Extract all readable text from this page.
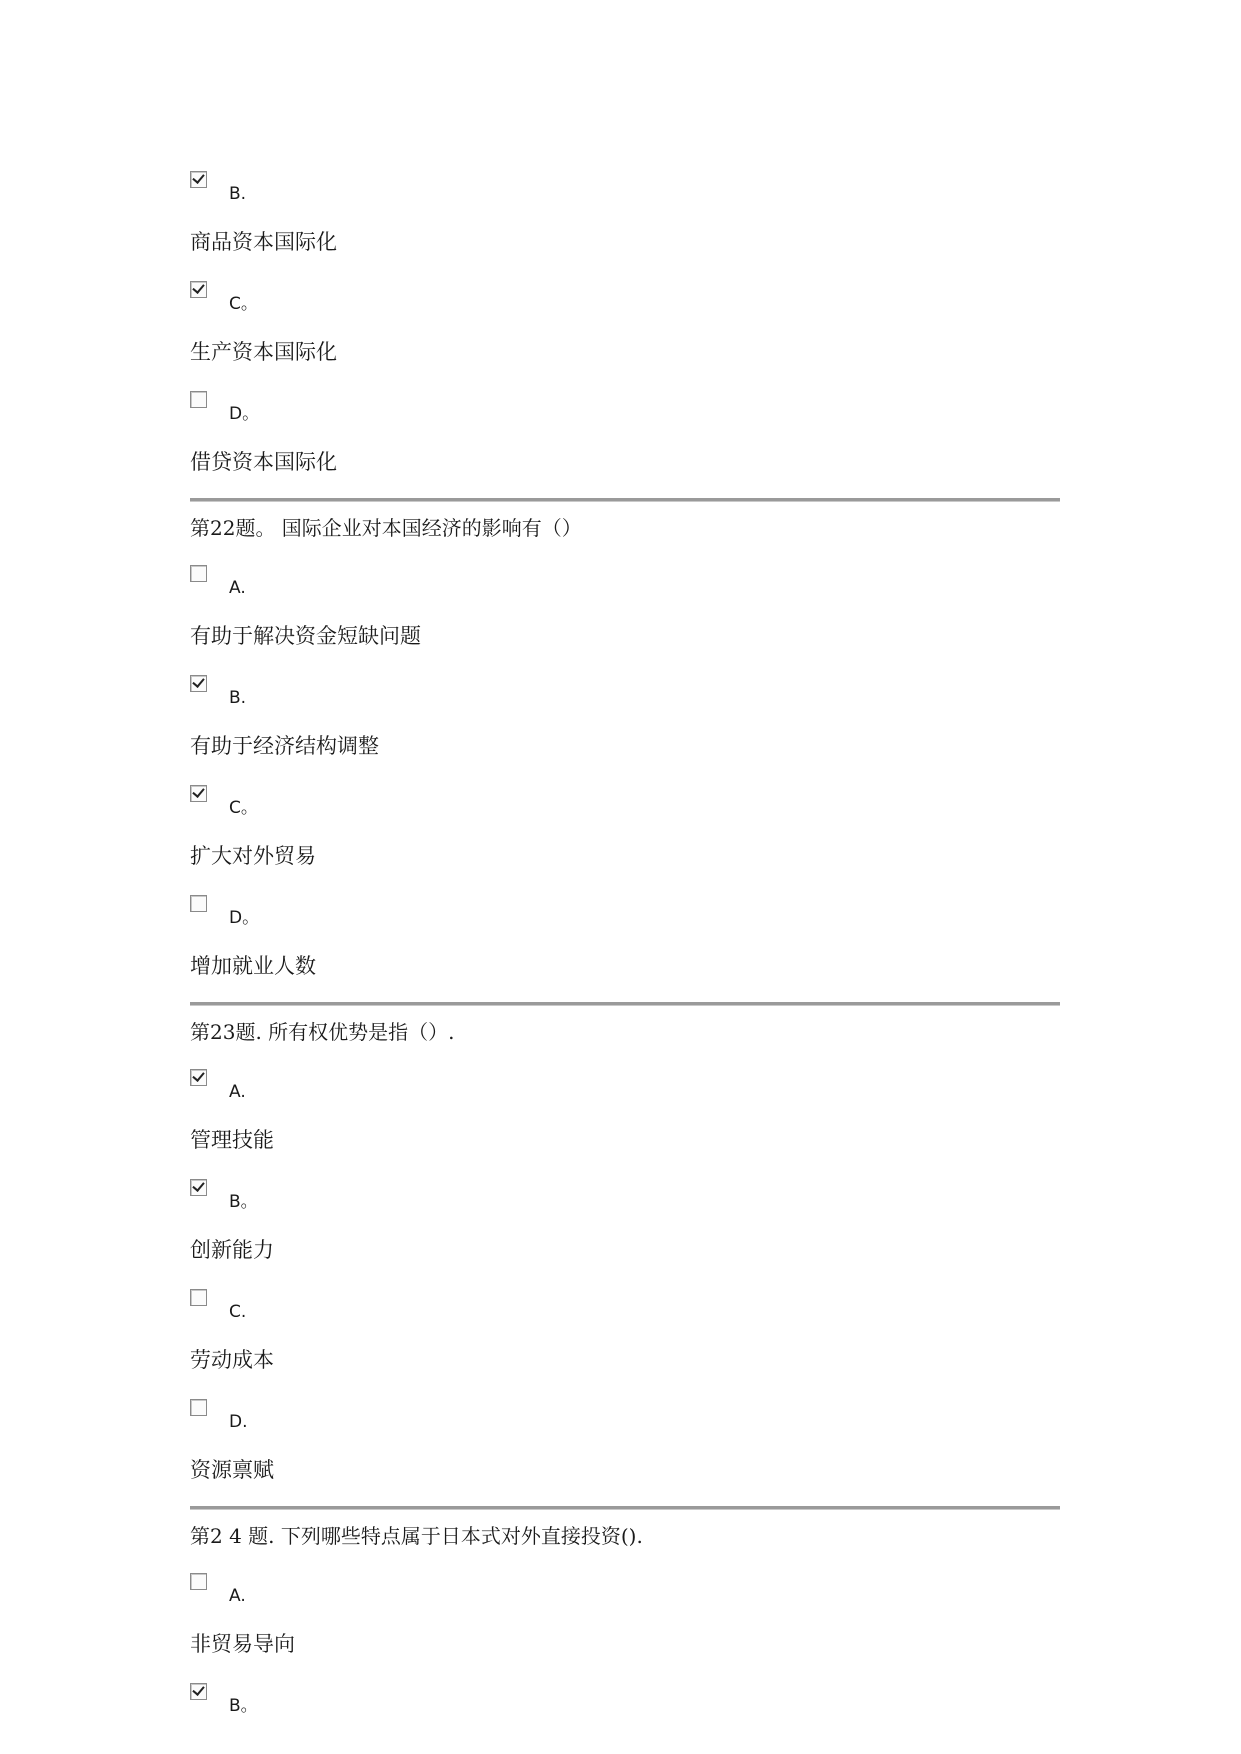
B.
商品资本国际化
C。
生产资本国际化
D。
借贷资本国际化
第22题。 国际企业对本国经济的影响有（）
A.
有助于解决资金短缺问题
B.
有助于经济结构调整
C。
扩大对外贸易
D。
增加就业人数
第23题. 所有权优势是指（）.
A.
管理技能
B。
创新能力
C.
劳动成本
D.
资源禀赋
第2 4 题. 下列哪些特点属于日本式对外直接投资().
A.
非贸易导向
B。
